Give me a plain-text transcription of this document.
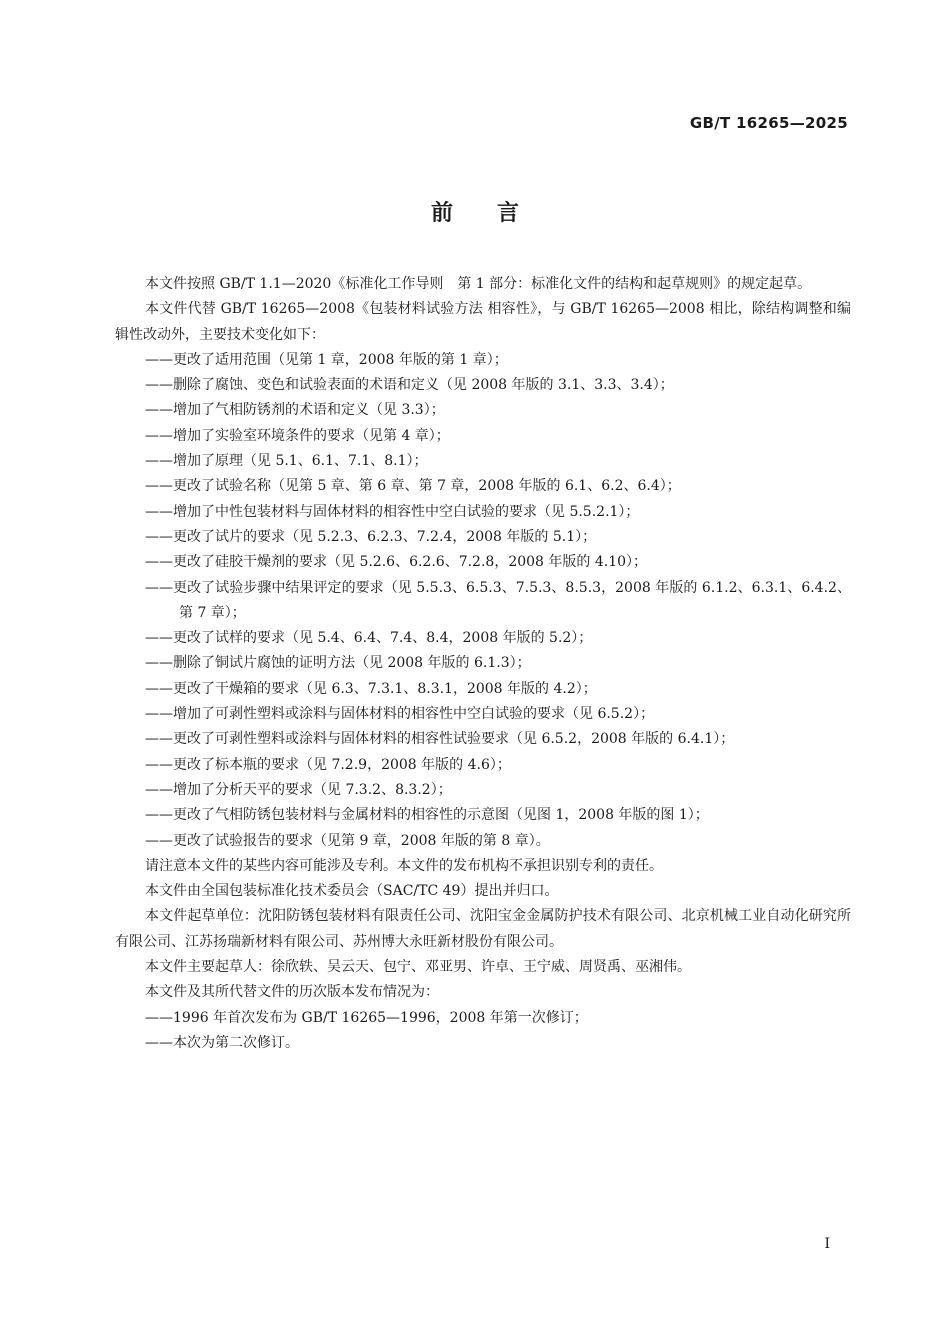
GB/T 16265—2025
前言

本文件按照 GB/T 1.1—2020《标准化工作导则　第 1 部分：标准化文件的结构和起草规则》的规定起草。

本文件代替 GB/T 16265—2008《包装材料试验方法 相容性》，与 GB/T 16265—2008 相比，除结构调整和编辑性改动外，主要技术变化如下：

——更改了适用范围（见第 1 章，2008 年版的第 1 章）；

——删除了腐蚀、变色和试验表面的术语和定义（见 2008 年版的 3.1、3.3、3.4）；

——增加了气相防锈剂的术语和定义（见 3.3）；

——增加了实验室环境条件的要求（见第 4 章）；

——增加了原理（见 5.1、6.1、7.1、8.1）；

——更改了试验名称（见第 5 章、第 6 章、第 7 章，2008 年版的 6.1、6.2、6.4）；

——增加了中性包装材料与固体材料的相容性中空白试验的要求（见 5.5.2.1）；

——更改了试片的要求（见 5.2.3、6.2.3、7.2.4，2008 年版的 5.1）；

——更改了硅胶干燥剂的要求（见 5.2.6、6.2.6、7.2.8，2008 年版的 4.10）；

——更改了试验步骤中结果评定的要求（见 5.5.3、6.5.3、7.5.3、8.5.3，2008 年版的 6.1.2、6.3.1、6.4.2、第 7 章）；

——更改了试样的要求（见 5.4、6.4、7.4、8.4，2008 年版的 5.2）；

——删除了铜试片腐蚀的证明方法（见 2008 年版的 6.1.3）；

——更改了干燥箱的要求（见 6.3、7.3.1、8.3.1，2008 年版的 4.2）；

——增加了可剥性塑料或涂料与固体材料的相容性中空白试验的要求（见 6.5.2）；

——更改了可剥性塑料或涂料与固体材料的相容性试验要求（见 6.5.2，2008 年版的 6.4.1）；

——更改了标本瓶的要求（见 7.2.9，2008 年版的 4.6）；

——增加了分析天平的要求（见 7.3.2、8.3.2）；

——更改了气相防锈包装材料与金属材料的相容性的示意图（见图 1，2008 年版的图 1）；

——更改了试验报告的要求（见第 9 章，2008 年版的第 8 章）。

请注意本文件的某些内容可能涉及专利。本文件的发布机构不承担识别专利的责任。

本文件由全国包装标准化技术委员会（SAC/TC 49）提出并归口。

本文件起草单位：沈阳防锈包装材料有限责任公司、沈阳宝金金属防护技术有限公司、北京机械工业自动化研究所有限公司、江苏扬瑞新材料有限公司、苏州博大永旺新材股份有限公司。

本文件主要起草人：徐欣轶、吴云天、包宁、邓亚男、许卓、王宁威、周贤禹、巫湘伟。

本文件及其所代替文件的历次版本发布情况为：

——1996 年首次发布为 GB/T 16265—1996，2008 年第一次修订；

——本次为第二次修订。

I
